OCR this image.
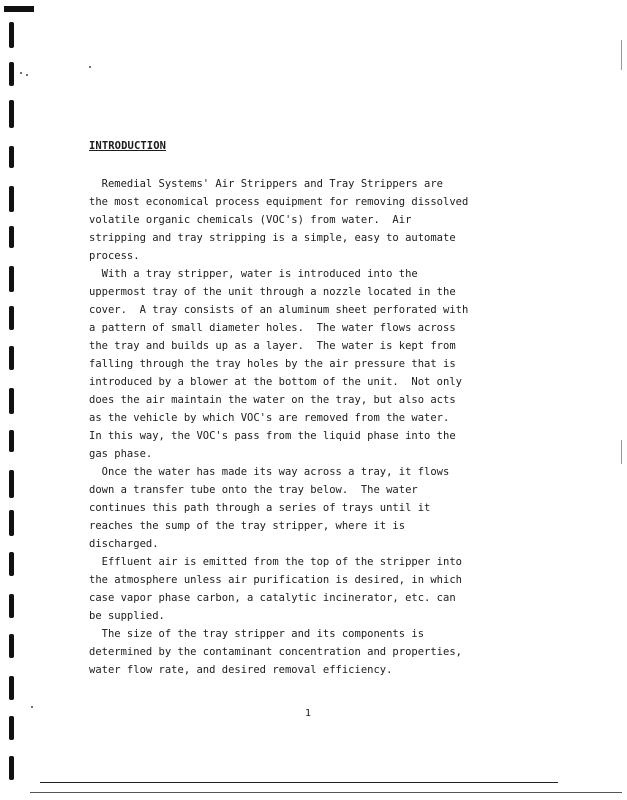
INTRODUCTION
Remedial Systems' Air Strippers and Tray Strippers are
the most economical process equipment for removing dissolved
volatile organic chemicals (VOC's) from water.  Air
stripping and tray stripping is a simple, easy to automate
process.
With a tray stripper, water is introduced into the
uppermost tray of the unit through a nozzle located in the
cover.  A tray consists of an aluminum sheet perforated with
a pattern of small diameter holes.  The water flows across
the tray and builds up as a layer.  The water is kept from
falling through the tray holes by the air pressure that is
introduced by a blower at the bottom of the unit.  Not only
does the air maintain the water on the tray, but also acts
as the vehicle by which VOC's are removed from the water.
In this way, the VOC's pass from the liquid phase into the
gas phase.
Once the water has made its way across a tray, it flows
down a transfer tube onto the tray below.  The water
continues this path through a series of trays until it
reaches the sump of the tray stripper, where it is
discharged.
Effluent air is emitted from the top of the stripper into
the atmosphere unless air purification is desired, in which
case vapor phase carbon, a catalytic incinerator, etc. can
be supplied.
The size of the tray stripper and its components is
determined by the contaminant concentration and properties,
water flow rate, and desired removal efficiency.
1
